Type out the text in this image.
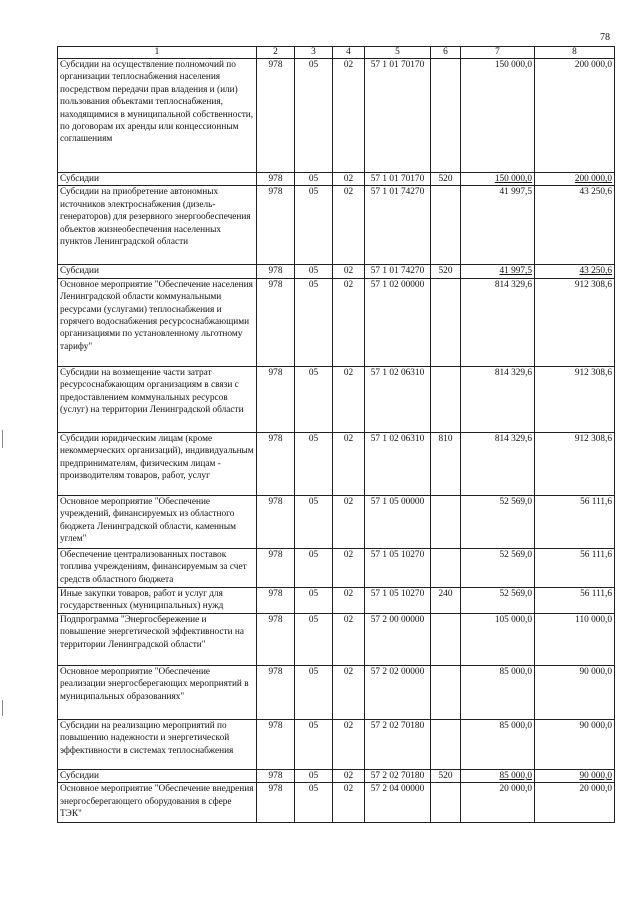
78
1	2	3	4	5	6	7	8
Субсидии на осуществление полномочий по организации теплоснабжения населения посредством передачи прав владения и (или) пользования объектами теплоснабжения, находящимися в муниципальной собственности, по договорам их аренды или концессионным соглашениям	978	05	02	57 1 01 70170		150 000,0	200 000,0
Субсидии	978	05	02	57 1 01 70170	520	150 000,0	200 000,0
Субсидии на приобретение автономных источников электроснабжения (дизель-генераторов) для резервного энергообеспечения объектов жизнеобеспечения населенных пунктов Ленинградской области	978	05	02	57 1 01 74270		41 997,5	43 250,6
Субсидии	978	05	02	57 1 01 74270	520	41 997,5	43 250,6
Основное мероприятие "Обеспечение населения Ленинградской области коммунальными ресурсами (услугами) теплоснабжения и горячего водоснабжения ресурсоснабжающими организациями по установленному льготному тарифу"	978	05	02	57 1 02 00000		814 329,6	912 308,6
Субсидии на возмещение части затрат ресурсоснабжающим организациям в связи с предоставлением коммунальных ресурсов (услуг) на территории Ленинградской области	978	05	02	57 1 02 06310		814 329,6	912 308,6
Субсидии юридическим лицам (кроме некоммерческих организаций), индивидуальным предпринимателям, физическим лицам - производителям товаров, работ, услуг	978	05	02	57 1 02 06310	810	814 329,6	912 308,6
Основное мероприятие "Обеспечение учреждений, финансируемых из областного бюджета Ленинградской области, каменным углем"	978	05	02	57 1 05 00000		52 569,0	56 111,6
Обеспечение централизованных поставок топлива учреждениям, финансируемым за счет средств областного бюджета	978	05	02	57 1 05 10270		52 569,0	56 111,6
Иные закупки товаров, работ и услуг для государственных (муниципальных) нужд	978	05	02	57 1 05 10270	240	52 569,0	56 111,6
Подпрограмма "Энергосбережение и повышение энергетической эффективности на территории Ленинградской области"	978	05	02	57 2 00 00000		105 000,0	110 000,0
Основное мероприятие "Обеспечение реализации энергосберегающих мероприятий в муниципальных образованиях"	978	05	02	57 2 02 00000		85 000,0	90 000,0
Субсидии на реализацию мероприятий по повышению надежности и энергетической эффективности в системах теплоснабжения	978	05	02	57 2 02 70180		85 000,0	90 000,0
Субсидии	978	05	02	57 2 02 70180	520	85 000,0	90 000,0
Основное мероприятие "Обеспечение внедрения энергосберегающего оборудования в сфере ТЭК"	978	05	02	57 2 04 00000		20 000,0	20 000,0
